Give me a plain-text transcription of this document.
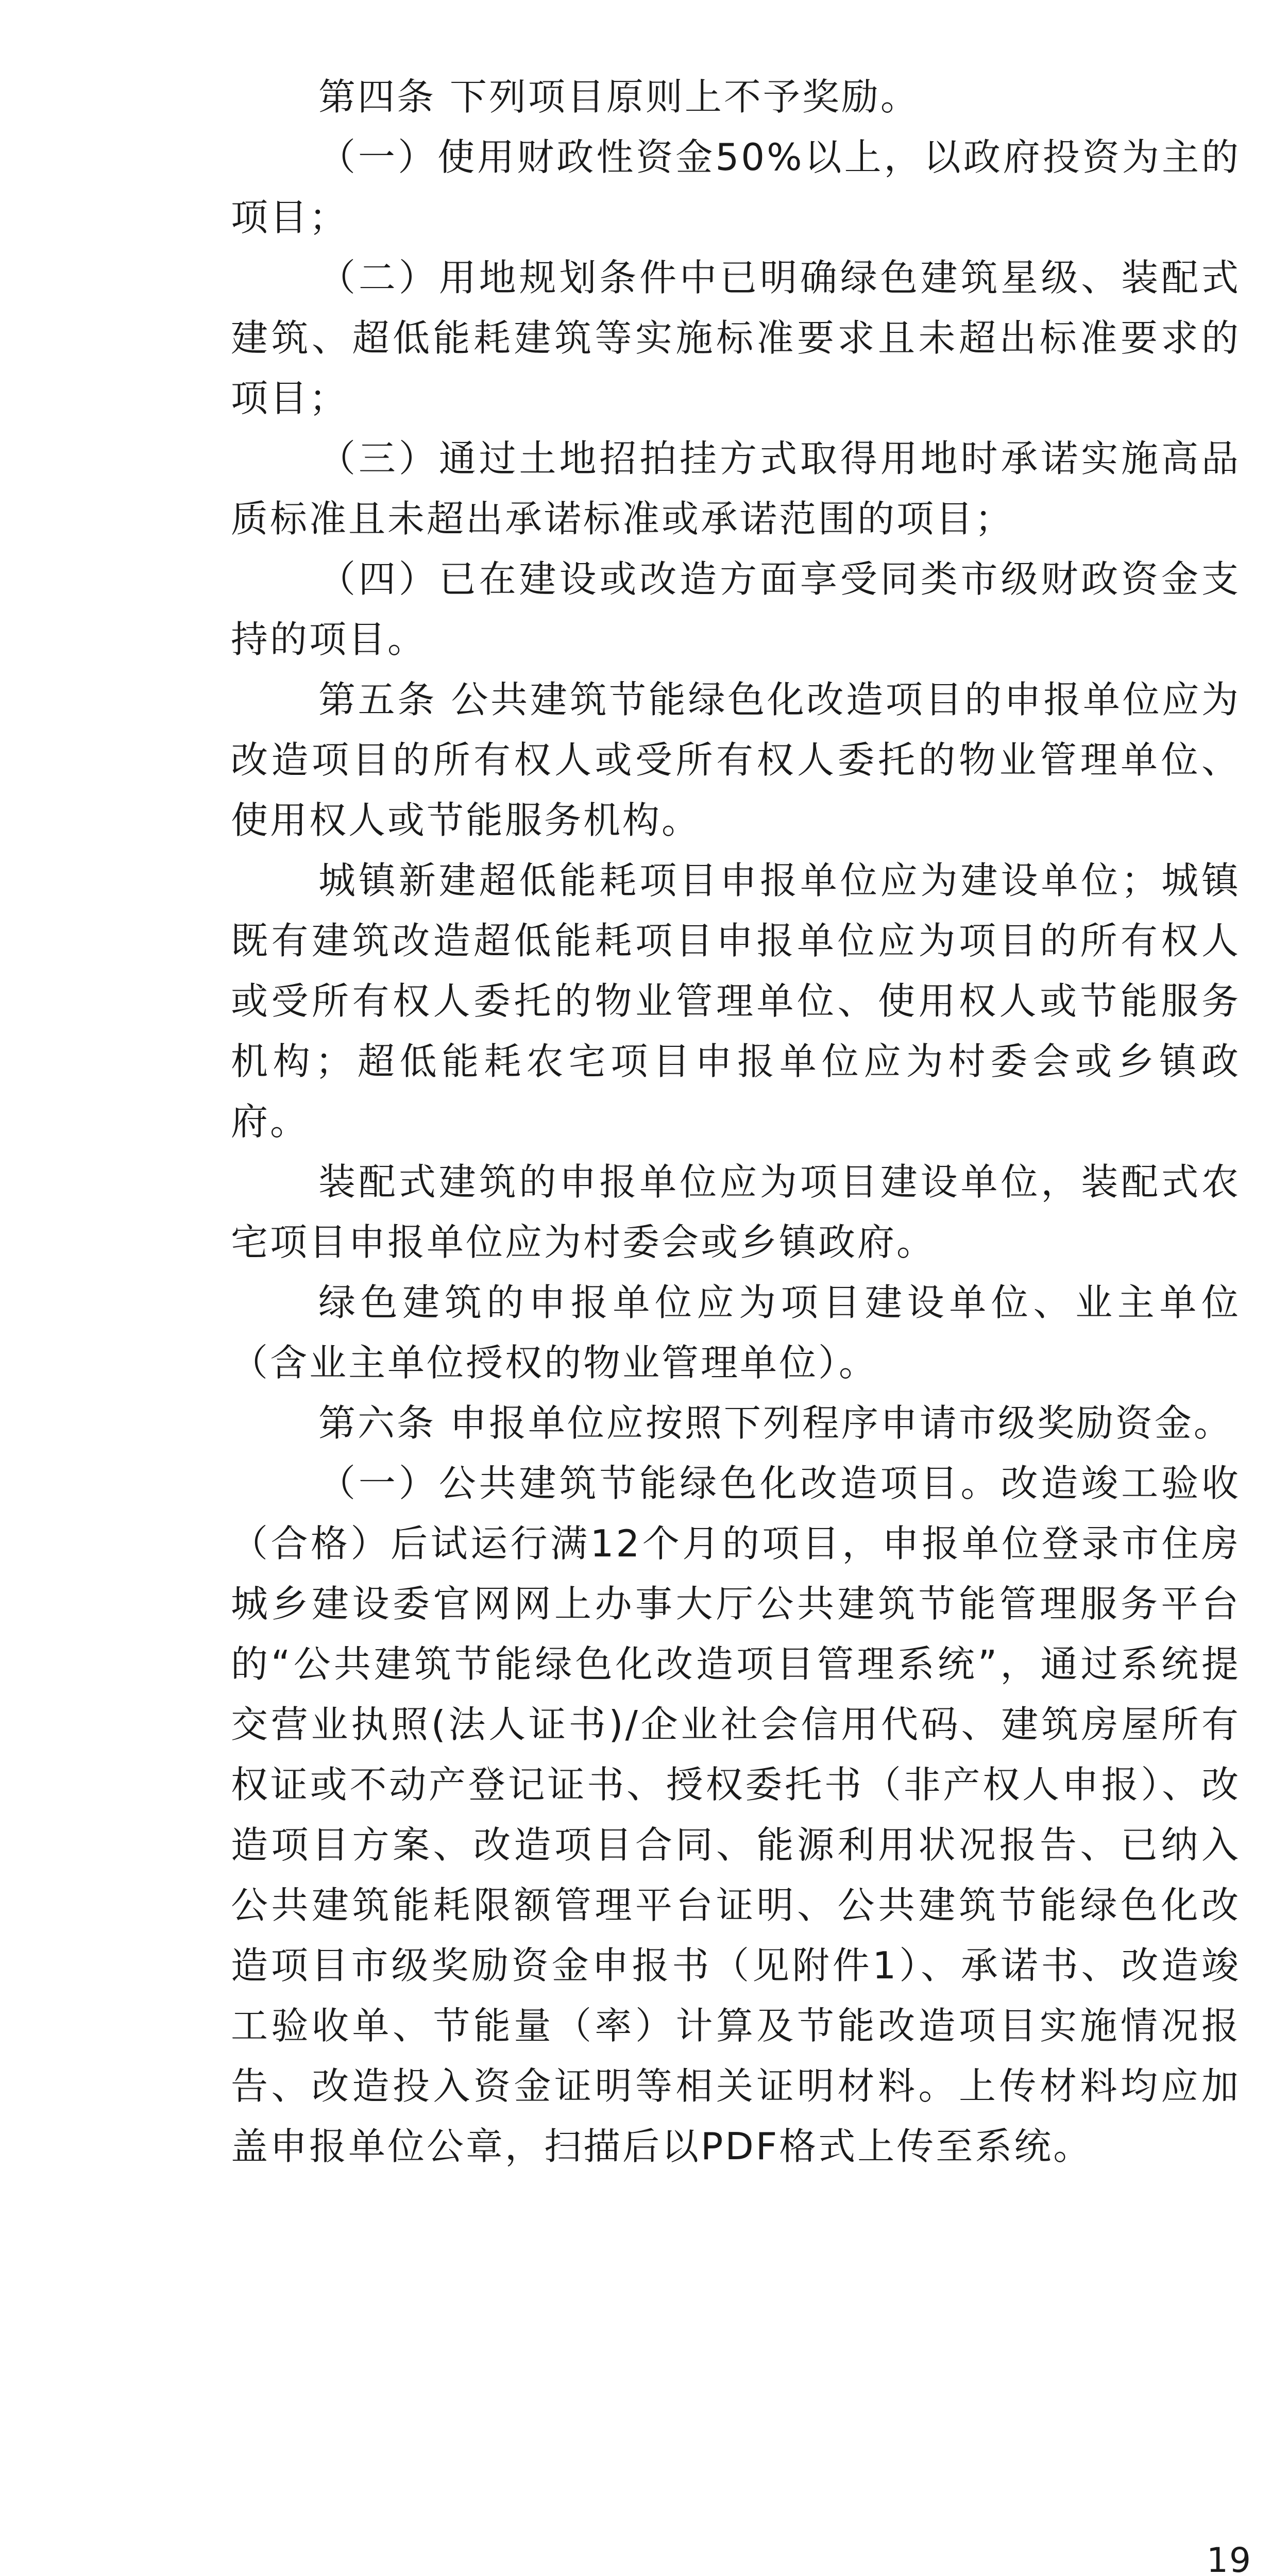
第四条 下列项目原则上不予奖励。

（一）使用财政性资金50%以上，以政府投资为主的项目；

（二）用地规划条件中已明确绿色建筑星级、装配式建筑、超低能耗建筑等实施标准要求且未超出标准要求的项目；

（三）通过土地招拍挂方式取得用地时承诺实施高品质标准且未超出承诺标准或承诺范围的项目；

（四）已在建设或改造方面享受同类市级财政资金支持的项目。

第五条 公共建筑节能绿色化改造项目的申报单位应为改造项目的所有权人或受所有权人委托的物业管理单位、使用权人或节能服务机构。

城镇新建超低能耗项目申报单位应为建设单位；城镇既有建筑改造超低能耗项目申报单位应为项目的所有权人或受所有权人委托的物业管理单位、使用权人或节能服务机构；超低能耗农宅项目申报单位应为村委会或乡镇政府。

装配式建筑的申报单位应为项目建设单位，装配式农宅项目申报单位应为村委会或乡镇政府。

绿色建筑的申报单位应为项目建设单位、业主单位（含业主单位授权的物业管理单位）。

第六条 申报单位应按照下列程序申请市级奖励资金。

（一）公共建筑节能绿色化改造项目。改造竣工验收（合格）后试运行满12个月的项目，申报单位登录市住房城乡建设委官网网上办事大厅公共建筑节能管理服务平台的“公共建筑节能绿色化改造项目管理系统”，通过系统提交营业执照(法人证书)/企业社会信用代码、建筑房屋所有权证或不动产登记证书、授权委托书（非产权人申报）、改造项目方案、改造项目合同、能源利用状况报告、已纳入公共建筑能耗限额管理平台证明、公共建筑节能绿色化改造项目市级奖励资金申报书（见附件1）、承诺书、改造竣工验收单、节能量（率）计算及节能改造项目实施情况报告、改造投入资金证明等相关证明材料。上传材料均应加盖申报单位公章，扫描后以PDF格式上传至系统。

19
